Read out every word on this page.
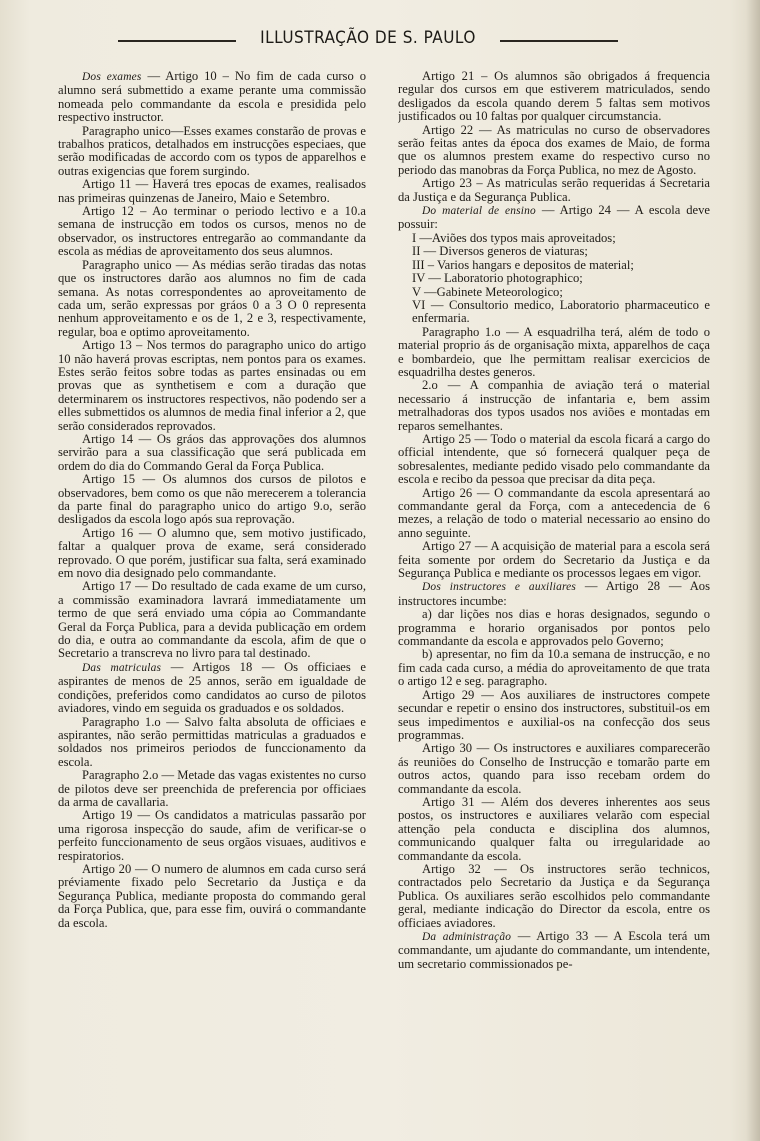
ILLUSTRAÇÃO DE S. PAULO

Dos exames — Artigo 10 – No fim de cada curso o alumno será submettido a exame perante uma commissão nomeada pelo commandante da escola e presidida pelo respectivo instructor.

Paragrapho unico—Esses exames constarão de provas e trabalhos praticos, detalhados em instrucções especiaes, que serão modificadas de accordo com os typos de apparelhos e outras exigencias que forem surgindo.

Artigo 11 — Haverá tres epocas de exames, realisados nas primeiras quinzenas de Janeiro, Maio e Setembro.

Artigo 12 – Ao terminar o periodo lectivo e a 10.a semana de instrucção em todos os cursos, menos no de observador, os instructores entregarão ao commandante da escola as médias de aproveitamento dos seus alumnos.

Paragrapho unico — As médias serão tiradas das notas que os instructores darão aos alumnos no fim de cada semana. As notas correspondentes ao aproveitamento de cada um, serão expressas por gráos 0 a 3 O 0 representa nenhum approveitamento e os de 1, 2 e 3, respectivamente, regular, boa e optimo aproveitamento.

Artigo 13 – Nos termos do paragrapho unico do artigo 10 não haverá provas escriptas, nem pontos para os exames. Estes serão feitos sobre todas as partes ensinadas ou em provas que as synthetisem e com a duração que determinarem os instructores respectivos, não podendo ser a elles submettidos os alumnos de media final inferior a 2, que serão considerados reprovados.

Artigo 14 — Os gráos das approvações dos alumnos servirão para a sua classificação que será publicada em ordem do dia do Commando Geral da Força Publica.

Artigo 15 — Os alumnos dos cursos de pilotos e observadores, bem como os que não merecerem a tolerancia da parte final do paragrapho unico do artigo 9.o, serão desligados da escola logo após sua reprovação.

Artigo 16 — O alumno que, sem motivo justificado, faltar a qualquer prova de exame, será considerado reprovado. O que porém, justificar sua falta, será examinado em novo dia designado pelo commandante.

Artigo 17 — Do resultado de cada exame de um curso, a commissão examinadora lavrará immediatamente um termo de que será enviado uma cópia ao Commandante Geral da Força Publica, para a devida publicação em ordem do dia, e outra ao commandante da escola, afim de que o Secretario a transcreva no livro para tal destinado.

Das matriculas — Artigos 18 — Os officiaes e aspirantes de menos de 25 annos, serão em igualdade de condições, preferidos como candidatos ao curso de pilotos aviadores, vindo em seguida os graduados e os soldados.

Paragrapho 1.o — Salvo falta absoluta de officiaes e aspirantes, não serão permittidas matriculas a graduados e soldados nos primeiros periodos de funccionamento da escola.

Paragrapho 2.o — Metade das vagas existentes no curso de pilotos deve ser preenchida de preferencia por officiaes da arma de cavallaria.

Artigo 19 — Os candidatos a matriculas passarão por uma rigorosa inspecção do saude, afim de verificar-se o perfeito funccionamento de seus orgãos visuaes, auditivos e respiratorios.

Artigo 20 — O numero de alumnos em cada curso será préviamente fixado pelo Secretario da Justiça e da Segurança Publica, mediante proposta do commando geral da Força Publica, que, para esse fim, ouvirá o commandante da escola.

Artigo 21 – Os alumnos são obrigados á frequencia regular dos cursos em que estiverem matriculados, sendo desligados da escola quando derem 5 faltas sem motivos justificados ou 10 faltas por qualquer circumstancia.

Artigo 22 — As matriculas no curso de observadores serão feitas antes da época dos exames de Maio, de forma que os alumnos prestem exame do respectivo curso no periodo das manobras da Força Publica, no mez de Agosto.

Artigo 23 – As matriculas serão requeridas á Secretaria da Justiça e da Segurança Publica.

Do material de ensino — Artigo 24 — A escola deve possuir:

I —Aviões dos typos mais aproveitados;
II — Diversos generos de viaturas;
III – Varios hangars e depositos de material;
IV — Laboratorio photographico;
V —Gabinete Meteorologico;
VI — Consultorio medico, Laboratorio pharmaceutico e enfermaria.

Paragrapho 1.o — A esquadrilha terá, além de todo o material proprio ás de organisação mixta, apparelhos de caça e bombardeio, que lhe permittam realisar exercicios de esquadrilha destes generos.

2.o — A companhia de aviação terá o material necessario á instrucção de infantaria e, bem assim metralhadoras dos typos usados nos aviões e montadas em reparos semelhantes.

Artigo 25 — Todo o material da escola ficará a cargo do official intendente, que só fornecerá qualquer peça de sobresalentes, mediante pedido visado pelo commandante da escola e recibo da pessoa que precisar da dita peça.

Artigo 26 — O commandante da escola apresentará ao commandante geral da Força, com a antecedencia de 6 mezes, a relação de todo o material necessario ao ensino do anno seguinte.

Artigo 27 — A acquisição de material para a escola será feita somente por ordem do Secretario da Justiça e da Segurança Publica e mediante os processos legaes em vigor.

Dos instructores e auxiliares — Artigo 28 — Aos instructores incumbe:

a) dar lições nos dias e horas designados, segundo o programma e horario organisados por pontos pelo commandante da escola e approvados pelo Governo;

b) apresentar, no fim da 10.a semana de instrucção, e no fim cada cada curso, a média do aproveitamento de que trata o artigo 12 e seg. paragrapho.

Artigo 29 — Aos auxiliares de instructores compete secundar e repetir o ensino dos instructores, substituil-os em seus impedimentos e auxilial-os na confecção dos seus programmas.

Artigo 30 — Os instructores e auxiliares comparecerão ás reuniões do Conselho de Instrucção e tomarão parte em outros actos, quando para isso recebam ordem do commandante da escola.

Artigo 31 — Além dos deveres inherentes aos seus postos, os instructores e auxiliares velarão com especial attenção pela conducta e disciplina dos alumnos, communicando qualquer falta ou irregularidade ao commandante da escola.

Artigo 32 — Os instructores serão technicos, contractados pelo Secretario da Justiça e da Segurança Publica. Os auxiliares serão escolhidos pelo commandante geral, mediante indicação do Director da escola, entre os officiaes aviadores.

Da administração — Artigo 33 — A Escola terá um commandante, um ajudante do commandante, um intendente, um secretario commissionados pe-
